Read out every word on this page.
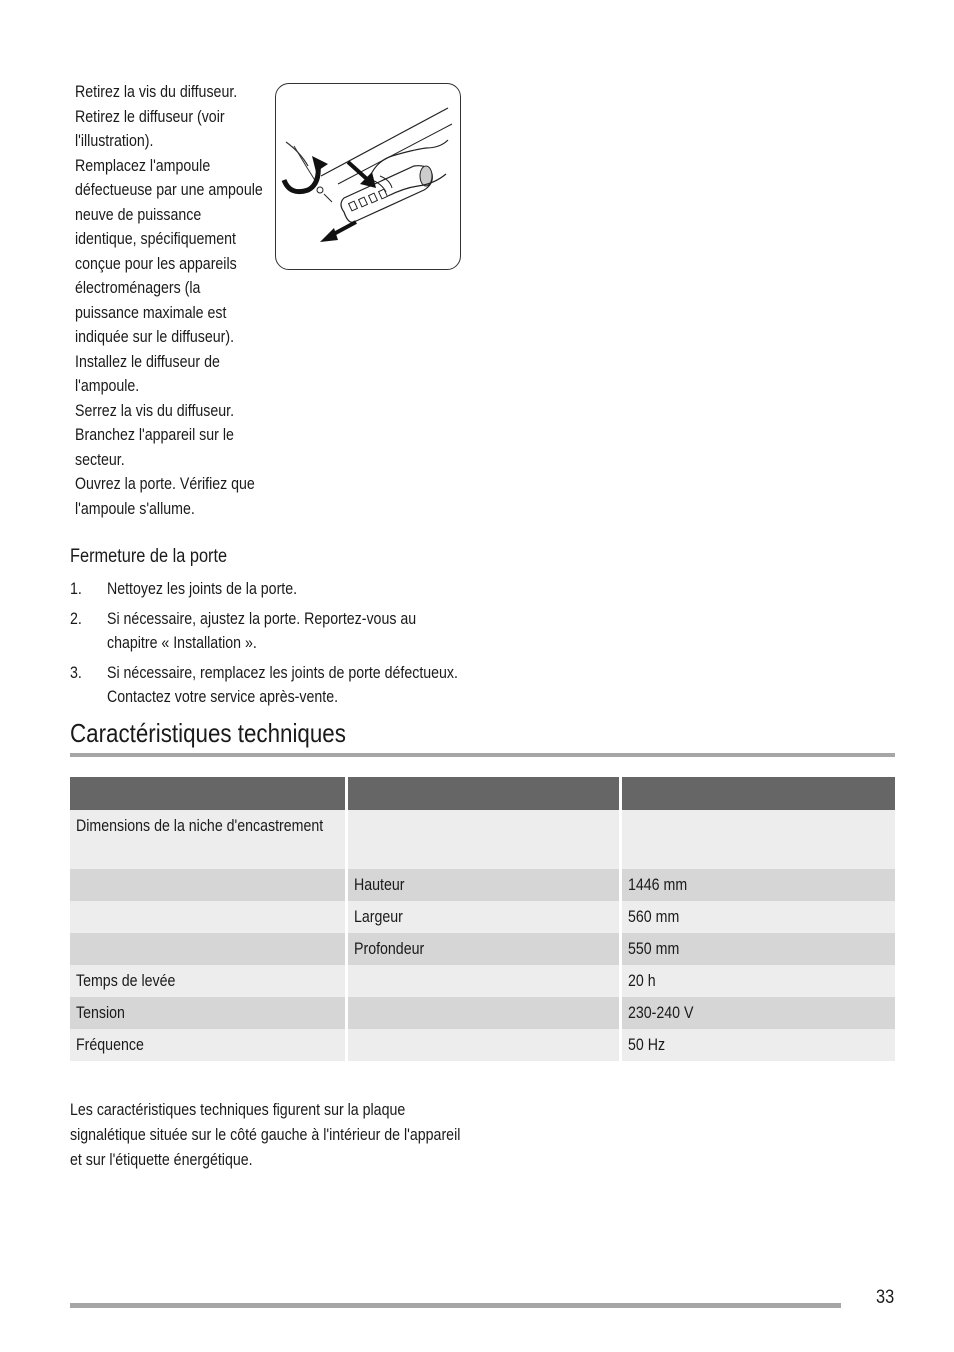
Retirez la vis du diffuseur.
Retirez le diffuseur (voir l'illustration).
Remplacez l'ampoule défectueuse par une ampoule neuve de puissance identique, spécifiquement conçue pour les appareils électroménagers (la puissance maximale est indiquée sur le diffuseur).
Installez le diffuseur de l'ampoule.
Serrez la vis du diffuseur.
Branchez l'appareil sur le secteur.
Ouvrez la porte. Vérifiez que l'ampoule s'allume.
Fermeture de la porte
1.	Nettoyez les joints de la porte.
2.	Si nécessaire, ajustez la porte. Reportez-vous au chapitre « Installation ».
3.	Si nécessaire, remplacez les joints de porte défectueux. Contactez votre service après-vente.
Caractéristiques techniques

Dimensions de la niche d'encastrement		
	Hauteur	1446 mm
	Largeur	560 mm
	Profondeur	550 mm
Temps de levée		20 h
Tension		230-240 V
Fréquence		50 Hz

Les caractéristiques techniques figurent sur la plaque signalétique située sur le côté gauche à l'intérieur de l'appareil et sur l'étiquette énergétique.

33
